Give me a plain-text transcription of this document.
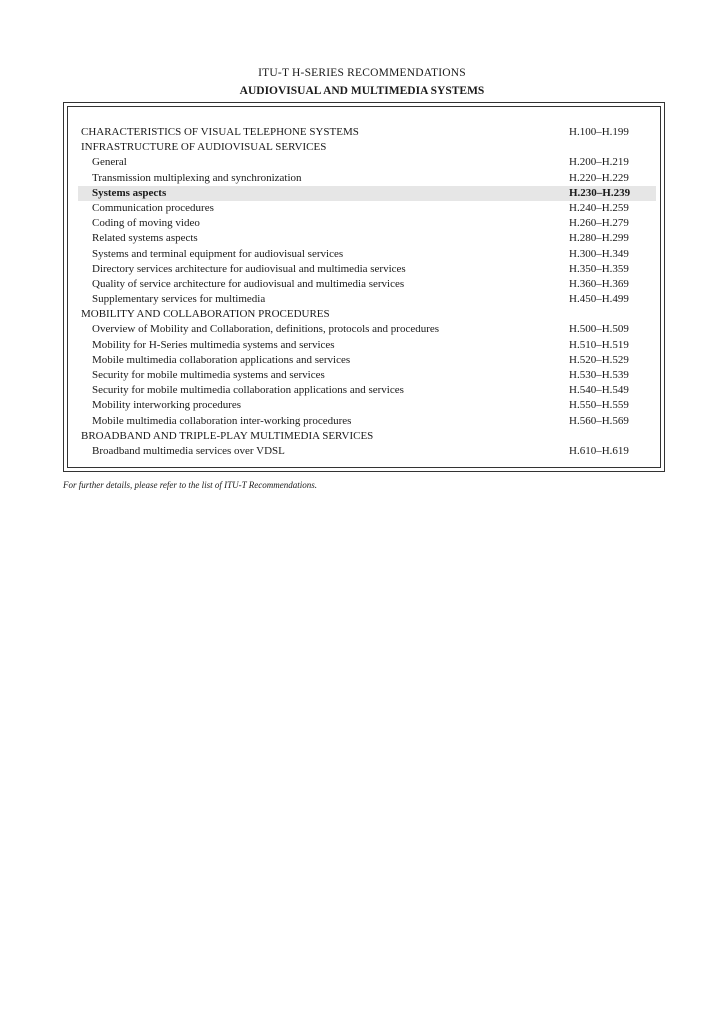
ITU-T H-SERIES RECOMMENDATIONS
AUDIOVISUAL AND MULTIMEDIA SYSTEMS
CHARACTERISTICS OF VISUAL TELEPHONE SYSTEMS	H.100–H.199
INFRASTRUCTURE OF AUDIOVISUAL SERVICES
General	H.200–H.219
Transmission multiplexing and synchronization	H.220–H.229
Systems aspects	H.230–H.239
Communication procedures	H.240–H.259
Coding of moving video	H.260–H.279
Related systems aspects	H.280–H.299
Systems and terminal equipment for audiovisual services	H.300–H.349
Directory services architecture for audiovisual and multimedia services	H.350–H.359
Quality of service architecture for audiovisual and multimedia services	H.360–H.369
Supplementary services for multimedia	H.450–H.499
MOBILITY AND COLLABORATION PROCEDURES
Overview of Mobility and Collaboration, definitions, protocols and procedures	H.500–H.509
Mobility for H-Series multimedia systems and services	H.510–H.519
Mobile multimedia collaboration applications and services	H.520–H.529
Security for mobile multimedia systems and services	H.530–H.539
Security for mobile multimedia collaboration applications and services	H.540–H.549
Mobility interworking procedures	H.550–H.559
Mobile multimedia collaboration inter-working procedures	H.560–H.569
BROADBAND AND TRIPLE-PLAY MULTIMEDIA SERVICES
Broadband multimedia services over VDSL	H.610–H.619
For further details, please refer to the list of ITU-T Recommendations.
